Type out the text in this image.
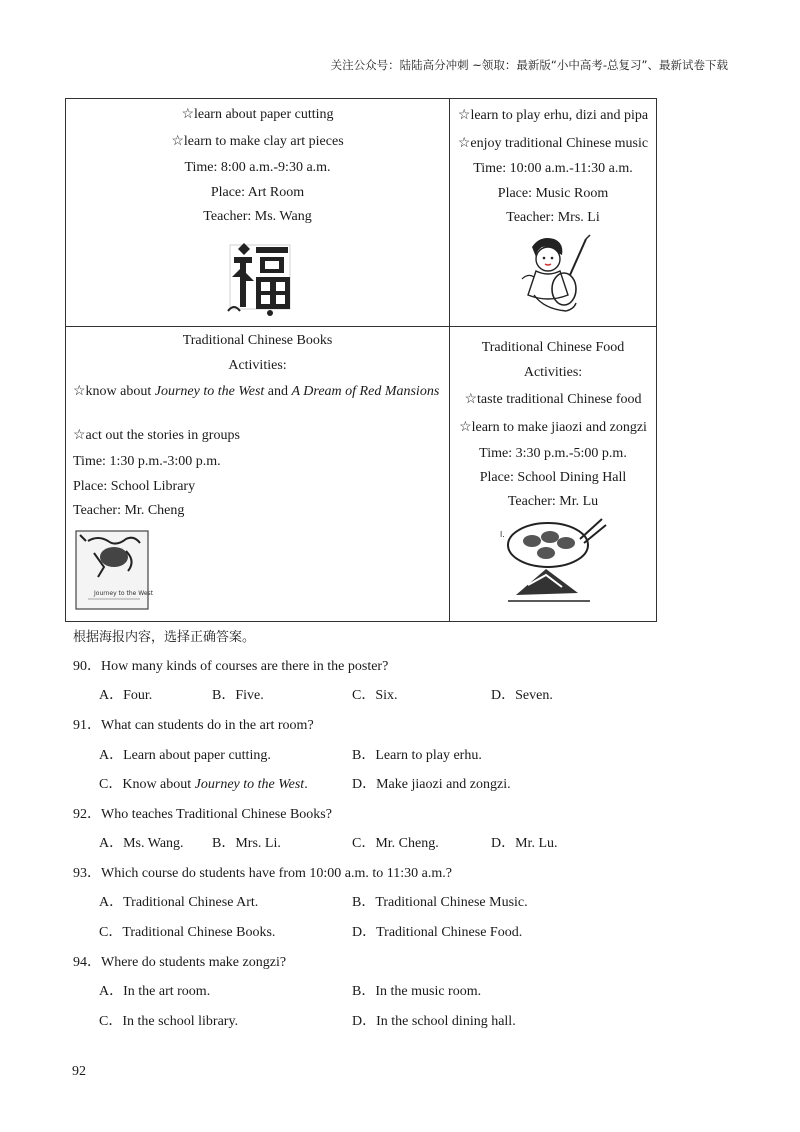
关注公众号：陆陆高分冲刺 ~领取：最新版“小中高考-总复习”、最新试卷下载
☆learn about paper cutting
☆learn to make clay art pieces
Time: 8:00 a.m.-9:30 a.m.
Place: Art Room
Teacher: Ms. Wang
☆learn to play erhu, dizi and pipa
☆enjoy traditional Chinese music
Time: 10:00 a.m.-11:30 a.m.
Place: Music Room
Teacher: Mrs. Li
Traditional Chinese Books
Activities:
☆know about Journey to the West and A Dream of Red Mansions
☆act out the stories in groups
Time: 1:30 p.m.-3:00 p.m.
Place: School Library
Teacher: Mr. Cheng
Journey to the West
Traditional Chinese Food
Activities:
☆taste traditional Chinese food
☆learn to make jiaozi and zongzi
Time: 3:30 p.m.-5:00 p.m.
Place: School Dining Hall
Teacher: Mr. Lu
l.
根据海报内容，选择正确答案。
90．How many kinds of courses are there in the poster?
A．Four.	B．Five.	C．Six.	D．Seven.
91．What can students do in the art room?
A．Learn about paper cutting.	B．Learn to play erhu.
C．Know about Journey to the West.	D．Make jiaozi and zongzi.
92．Who teaches Traditional Chinese Books?
A．Ms. Wang. B．Mrs. Li.	C．Mr. Cheng.	D．Mr. Lu.
93．Which course do students have from 10:00 a.m. to 11:30 a.m.?
A．Traditional Chinese Art.	B．Traditional Chinese Music.
C．Traditional Chinese Books.	D．Traditional Chinese Food.
94．Where do students make zongzi?
A．In the art room.	B．In the music room.
C．In the school library.	D．In the school dining hall.
92
